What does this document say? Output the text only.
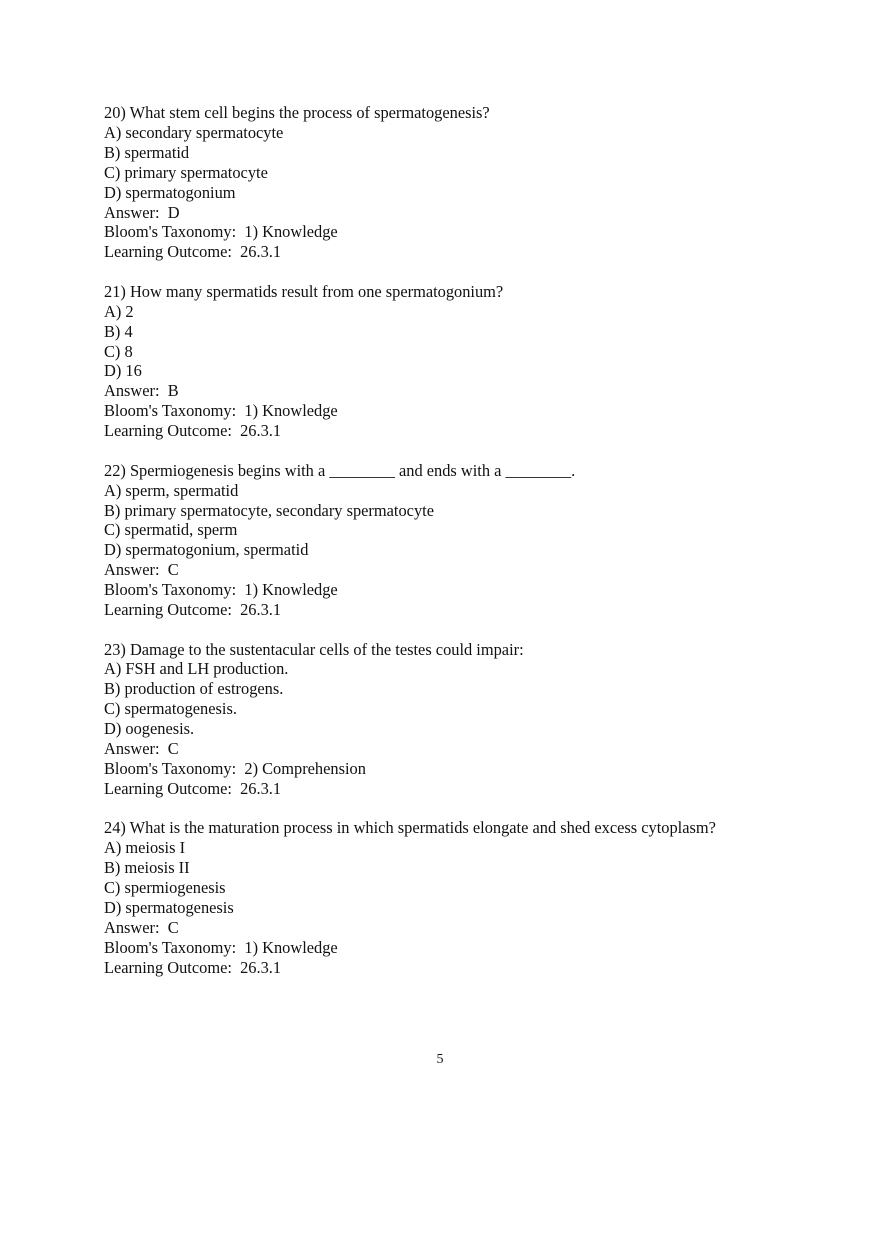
20) What stem cell begins the process of spermatogenesis?
A) secondary spermatocyte
B) spermatid
C) primary spermatocyte
D) spermatogonium
Answer:  D
Bloom's Taxonomy:  1) Knowledge
Learning Outcome:  26.3.1
21) How many spermatids result from one spermatogonium?
A) 2
B) 4
C) 8
D) 16
Answer:  B
Bloom's Taxonomy:  1) Knowledge
Learning Outcome:  26.3.1
22) Spermiogenesis begins with a ________ and ends with a ________.
A) sperm, spermatid
B) primary spermatocyte, secondary spermatocyte
C) spermatid, sperm
D) spermatogonium, spermatid
Answer:  C
Bloom's Taxonomy:  1) Knowledge
Learning Outcome:  26.3.1
23) Damage to the sustentacular cells of the testes could impair:
A) FSH and LH production.
B) production of estrogens.
C) spermatogenesis.
D) oogenesis.
Answer:  C
Bloom's Taxonomy:  2) Comprehension
Learning Outcome:  26.3.1
24) What is the maturation process in which spermatids elongate and shed excess cytoplasm?
A) meiosis I
B) meiosis II
C) spermiogenesis
D) spermatogenesis
Answer:  C
Bloom's Taxonomy:  1) Knowledge
Learning Outcome:  26.3.1
5
